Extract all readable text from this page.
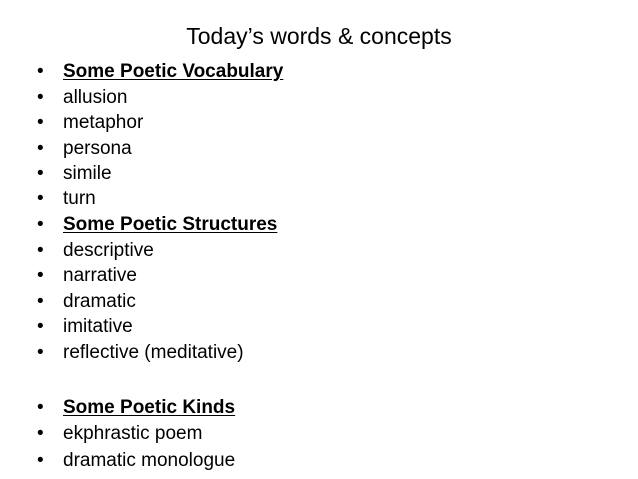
Today’s words & concepts
• Some Poetic Vocabulary
• allusion
• metaphor
• persona
• simile
• turn
• Some Poetic Structures
• descriptive
• narrative
• dramatic
• imitative
• reflective (meditative)
• Some Poetic Kinds
• ekphrastic poem
• dramatic monologue
